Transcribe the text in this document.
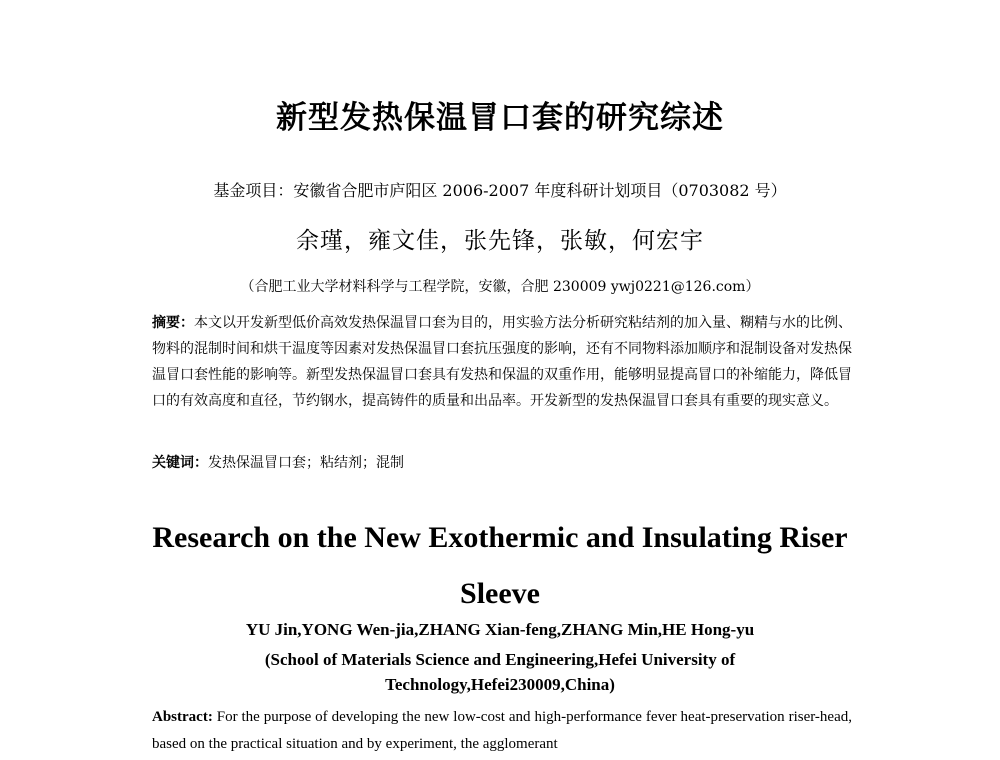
新型发热保温冒口套的研究综述
基金项目：安徽省合肥市庐阳区 2006-2007 年度科研计划项目（0703082 号）
余瑾，雍文佳，张先锋，张敏，何宏宇
（合肥工业大学材料科学与工程学院，安徽，合肥 230009 ywj0221@126.com）
摘要：本文以开发新型低价高效发热保温冒口套为目的，用实验方法分析研究粘结剂的加入量、糊精与水的比例、物料的混制时间和烘干温度等因素对发热保温冒口套抗压强度的影响，还有不同物料添加顺序和混制设备对发热保温冒口套性能的影响等。新型发热保温冒口套具有发热和保温的双重作用，能够明显提高冒口的补缩能力，降低冒口的有效高度和直径，节约钢水，提高铸件的质量和出品率。开发新型的发热保温冒口套具有重要的现实意义。
关键词：发热保温冒口套；粘结剂；混制
Research on the New Exothermic and Insulating Riser Sleeve
YU Jin,YONG Wen-jia,ZHANG Xian-feng,ZHANG Min,HE Hong-yu
(School of Materials Science and Engineering,Hefei University of Technology,Hefei230009,China)
Abstract: For the purpose of developing the new low-cost and high-performance fever heat-preservation riser-head, based on the practical situation and by experiment, the agglomerant
